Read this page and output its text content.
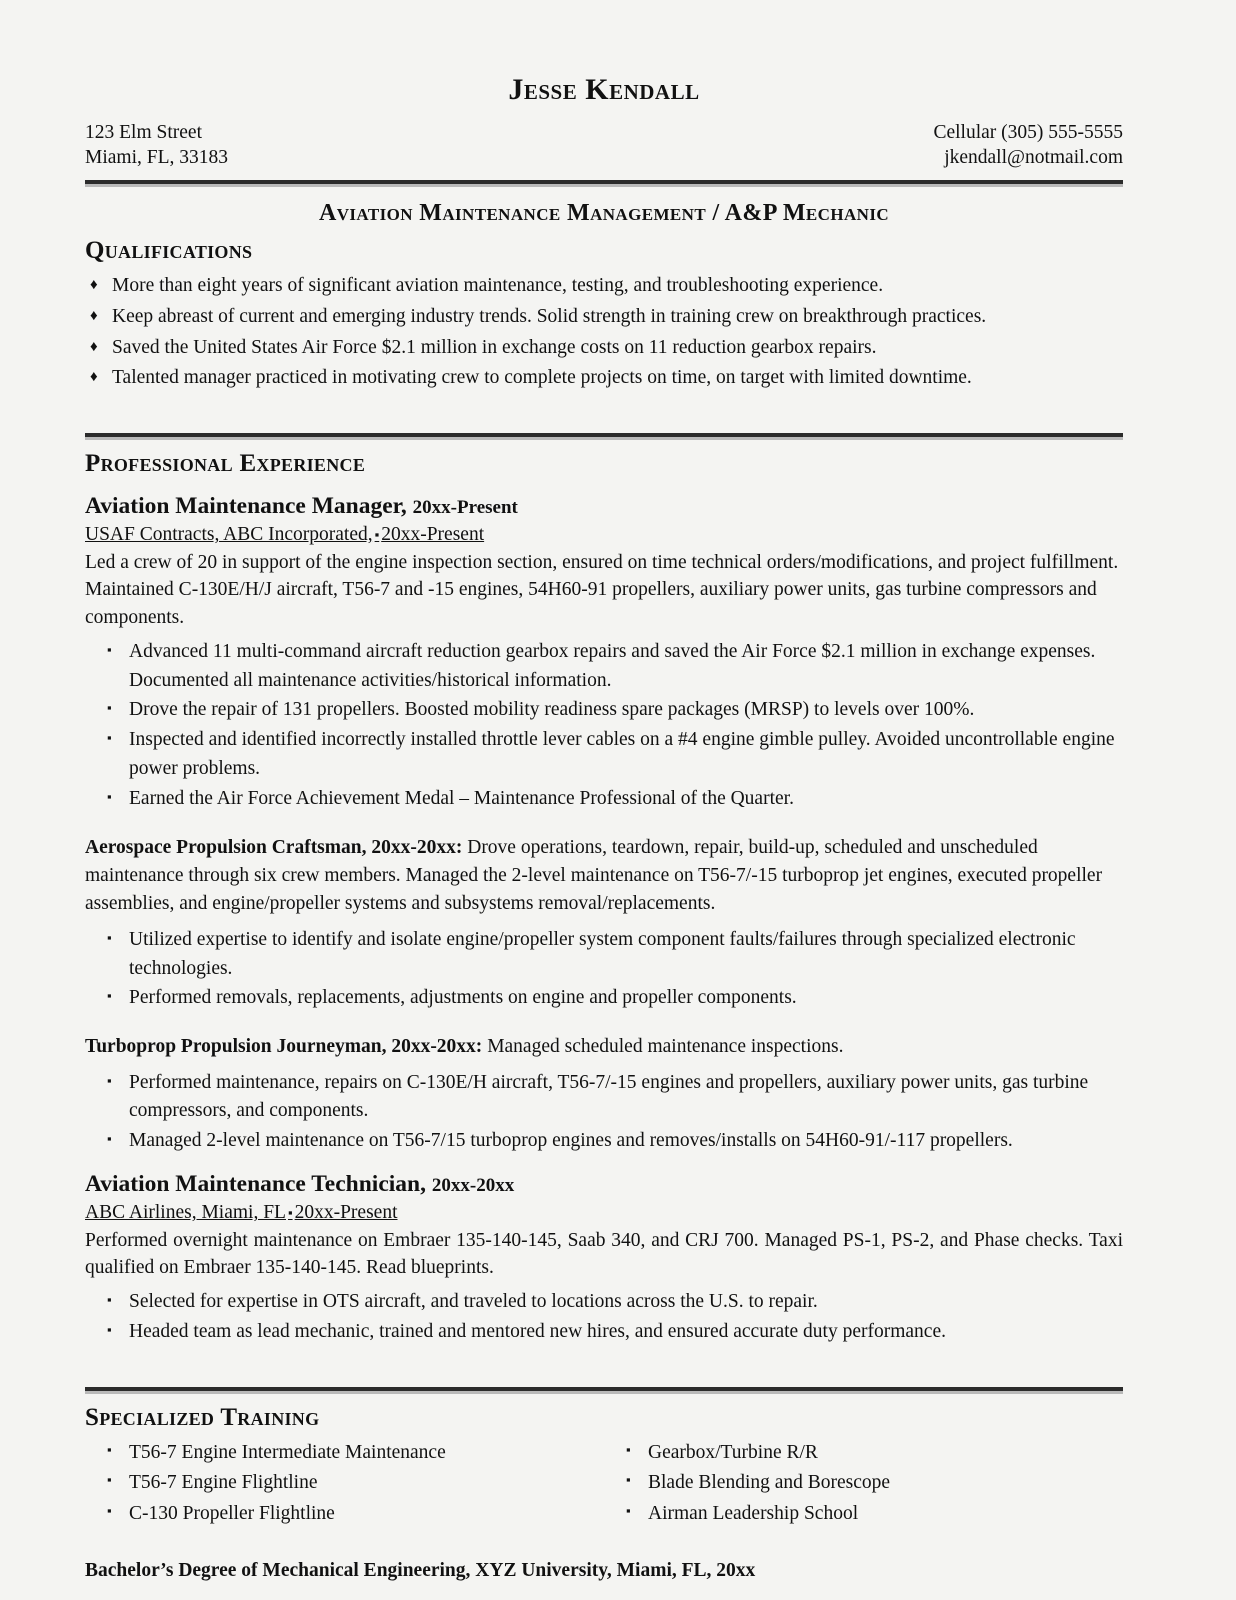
Jesse Kendall
123 Elm Street
Miami, FL, 33183
Cellular (305) 555-5555
jkendall@notmail.com
Aviation Maintenance Management / A&P Mechanic
Qualifications
♦ More than eight years of significant aviation maintenance, testing, and troubleshooting experience.
♦ Keep abreast of current and emerging industry trends. Solid strength in training crew on breakthrough practices.
♦ Saved the United States Air Force $2.1 million in exchange costs on 11 reduction gearbox repairs.
♦ Talented manager practiced in motivating crew to complete projects on time, on target with limited downtime.
Professional Experience
Aviation Maintenance Manager, 20xx-Present
USAF Contracts, ABC Incorporated, ▪ 20xx-Present
Led a crew of 20 in support of the engine inspection section, ensured on time technical orders/modifications, and project fulfillment. Maintained C-130E/H/J aircraft, T56-7 and -15 engines, 54H60-91 propellers, auxiliary power units, gas turbine compressors and components.
▪ Advanced 11 multi-command aircraft reduction gearbox repairs and saved the Air Force $2.1 million in exchange expenses. Documented all maintenance activities/historical information.
▪ Drove the repair of 131 propellers. Boosted mobility readiness spare packages (MRSP) to levels over 100%.
▪ Inspected and identified incorrectly installed throttle lever cables on a #4 engine gimble pulley. Avoided uncontrollable engine power problems.
▪ Earned the Air Force Achievement Medal – Maintenance Professional of the Quarter.
Aerospace Propulsion Craftsman, 20xx-20xx: Drove operations, teardown, repair, build-up, scheduled and unscheduled maintenance through six crew members. Managed the 2-level maintenance on T56-7/-15 turboprop jet engines, executed propeller assemblies, and engine/propeller systems and subsystems removal/replacements.
▪ Utilized expertise to identify and isolate engine/propeller system component faults/failures through specialized electronic technologies.
▪ Performed removals, replacements, adjustments on engine and propeller components.
Turboprop Propulsion Journeyman, 20xx-20xx: Managed scheduled maintenance inspections.
▪ Performed maintenance, repairs on C-130E/H aircraft, T56-7/-15 engines and propellers, auxiliary power units, gas turbine compressors, and components.
▪ Managed 2-level maintenance on T56-7/15 turboprop engines and removes/installs on 54H60-91/-117 propellers.
Aviation Maintenance Technician, 20xx-20xx
ABC Airlines, Miami, FL ▪ 20xx-Present
Performed overnight maintenance on Embraer 135-140-145, Saab 340, and CRJ 700. Managed PS-1, PS-2, and Phase checks. Taxi qualified on Embraer 135-140-145. Read blueprints.
▪ Selected for expertise in OTS aircraft, and traveled to locations across the U.S. to repair.
▪ Headed team as lead mechanic, trained and mentored new hires, and ensured accurate duty performance.
Specialized Training
▪ T56-7 Engine Intermediate Maintenance
▪ T56-7 Engine Flightline
▪ C-130 Propeller Flightline
▪ Gearbox/Turbine R/R
▪ Blade Blending and Borescope
▪ Airman Leadership School
Bachelor’s Degree of Mechanical Engineering, XYZ University, Miami, FL, 20xx
